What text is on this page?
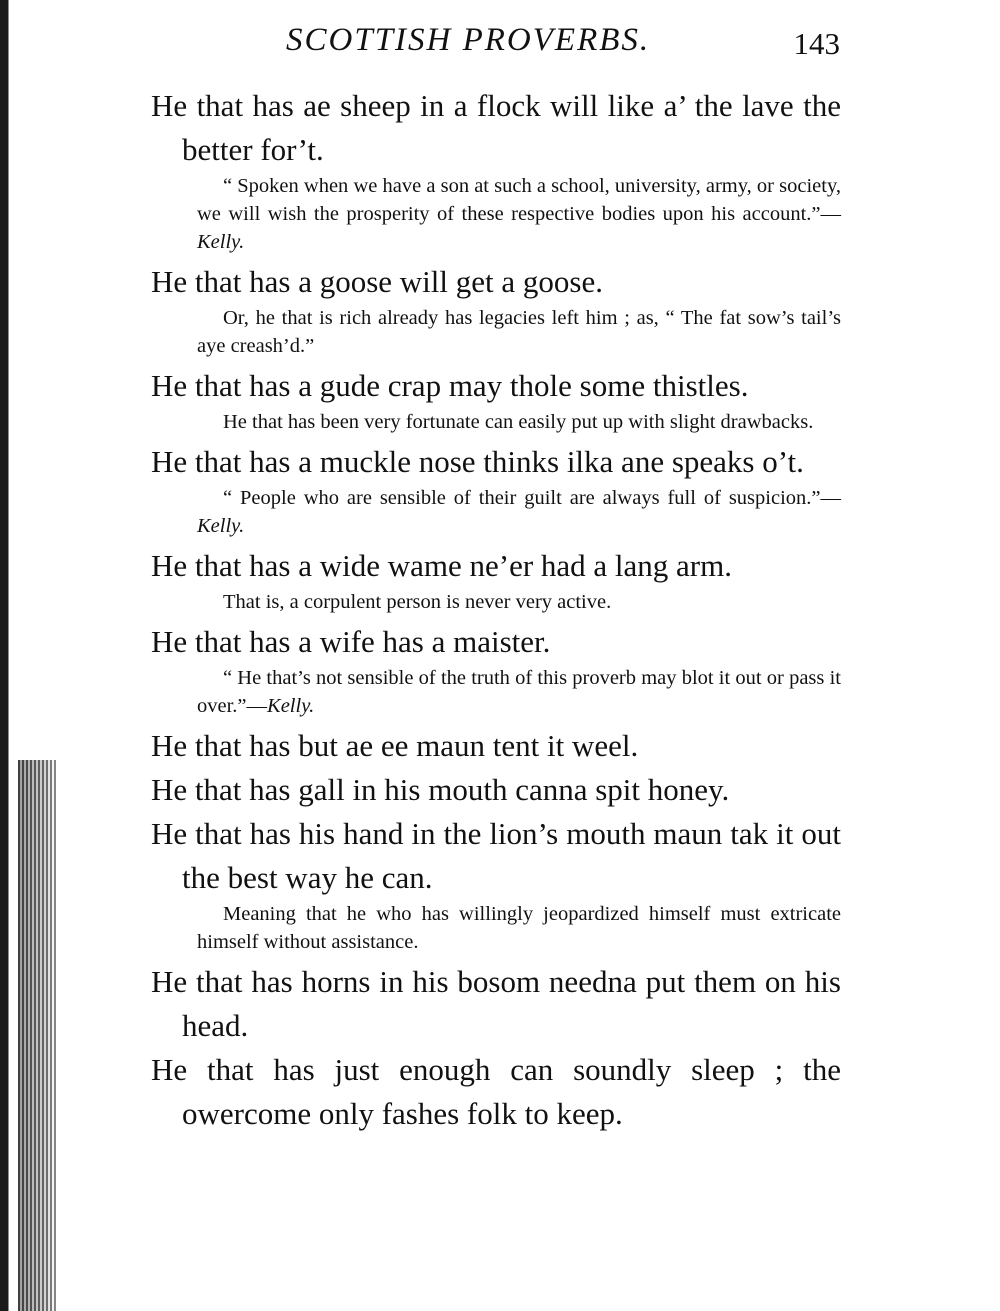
SCOTTISH PROVERBS.	143

He that has ae sheep in a flock will like a’ the lave the better for’t.

“ Spoken when we have a son at such a school, university, army, or society, we will wish the prosperity of these respective bodies upon his account.”—Kelly.

He that has a goose will get a goose.

Or, he that is rich already has legacies left him ; as, “ The fat sow’s tail’s aye creash’d.”

He that has a gude crap may thole some thistles.

He that has been very fortunate can easily put up with slight drawbacks.

He that has a muckle nose thinks ilka ane speaks o’t.

“ People who are sensible of their guilt are always full of suspicion.”—Kelly.

He that has a wide wame ne’er had a lang arm.

That is, a corpulent person is never very active.

He that has a wife has a maister.

“ He that’s not sensible of the truth of this proverb may blot it out or pass it over.”—Kelly.

He that has but ae ee maun tent it weel.

He that has gall in his mouth canna spit honey.

He that has his hand in the lion’s mouth maun tak it out the best way he can.

Meaning that he who has willingly jeopardized himself must extricate himself without assistance.

He that has horns in his bosom needna put them on his head.

He that has just enough can soundly sleep ; the owercome only fashes folk to keep.
